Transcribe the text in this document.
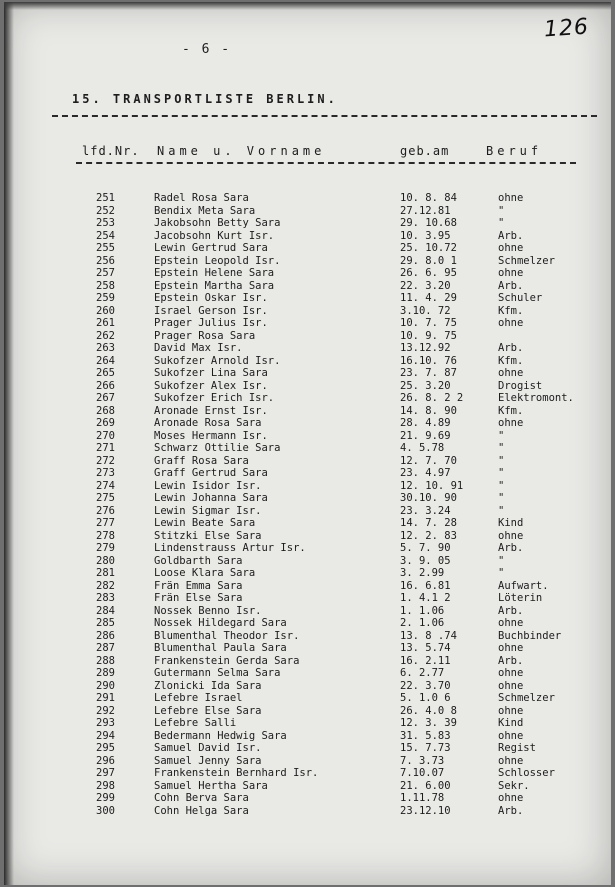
126
- 6 -
15. TRANSPORTLISTE BERLIN.
lfd.Nr. Name u. Vorname	geb.am	Beruf
251	Radel Rosa Sara	10. 8. 84	ohne
252	Bendix Meta Sara	27.12.81	"
253	Jakobsohn Betty Sara	29. 10.68	"
254	Jacobsohn Kurt Isr.	10. 3.95	Arb.
255	Lewin Gertrud Sara	25. 10.72	ohne
256	Epstein Leopold Isr.	29. 8.0 1	Schmelzer
257	Epstein Helene Sara	26. 6. 95	ohne
258	Epstein Martha Sara	22. 3.20	Arb.
259	Epstein Oskar Isr.	11. 4. 29	Schuler
260	Israel Gerson Isr.	3.10. 72	Kfm.
261	Prager Julius Isr.	10. 7. 75	ohne
262	Prager Rosa Sara	10. 9. 75
263	David Max Isr.	13.12.92	Arb.
264	Sukofzer Arnold Isr.	16.10. 76	Kfm.
265	Sukofzer Lina Sara	23. 7. 87	ohne
266	Sukofzer Alex Isr.	25. 3.20	Drogist
267	Sukofzer Erich Isr.	26. 8. 2 2	Elektromont.
268	Aronade Ernst Isr.	14. 8. 90	Kfm.
269	Aronade Rosa Sara	28. 4.89	ohne
270	Moses Hermann Isr.	21. 9.69	"
271	Schwarz Ottilie Sara	4. 5.78	"
272	Graff Rosa Sara	12. 7. 70	"
273	Graff Gertrud Sara	23. 4.97	"
274	Lewin Isidor Isr.	12. 10. 91	"
275	Lewin Johanna Sara	30.10. 90	"
276	Lewin Sigmar Isr.	23. 3.24	"
277	Lewin Beate Sara	14. 7. 28	Kind
278	Stitzki Else Sara	12. 2. 83	ohne
279	Lindenstrauss Artur Isr.	5. 7. 90	Arb.
280	Goldbarth Sara	3. 9. 05	"
281	Loose Klara Sara	3. 2.99	"
282	Frän Emma Sara	16. 6.81	Aufwart.
283	Frän Else Sara	1. 4.1 2	Löterin
284	Nossek Benno Isr.	1. 1.06	Arb.
285	Nossek Hildegard Sara	2. 1.06	ohne
286	Blumenthal Theodor Isr.	13. 8 .74	Buchbinder
287	Blumenthal Paula Sara	13. 5.74	ohne
288	Frankenstein Gerda Sara	16. 2.11	Arb.
289	Gutermann Selma Sara	6. 2.77	ohne
290	Zlonicki Ida Sara	22. 3.70	ohne
291	Lefebre Israel	5. 1.0 6	Schmelzer
292	Lefebre Else Sara	26. 4.0 8	ohne
293	Lefebre Salli	12. 3. 39	Kind
294	Bedermann Hedwig Sara	31. 5.83	ohne
295	Samuel David Isr.	15. 7.73	Regist
296	Samuel Jenny Sara	7. 3.73	ohne
297	Frankenstein Bernhard Isr.	7.10.07	Schlosser
298	Samuel Hertha Sara	21. 6.00	Sekr.
299	Cohn Berva Sara	1.11.78	ohne
300	Cohn Helga Sara	23.12.10	Arb.
